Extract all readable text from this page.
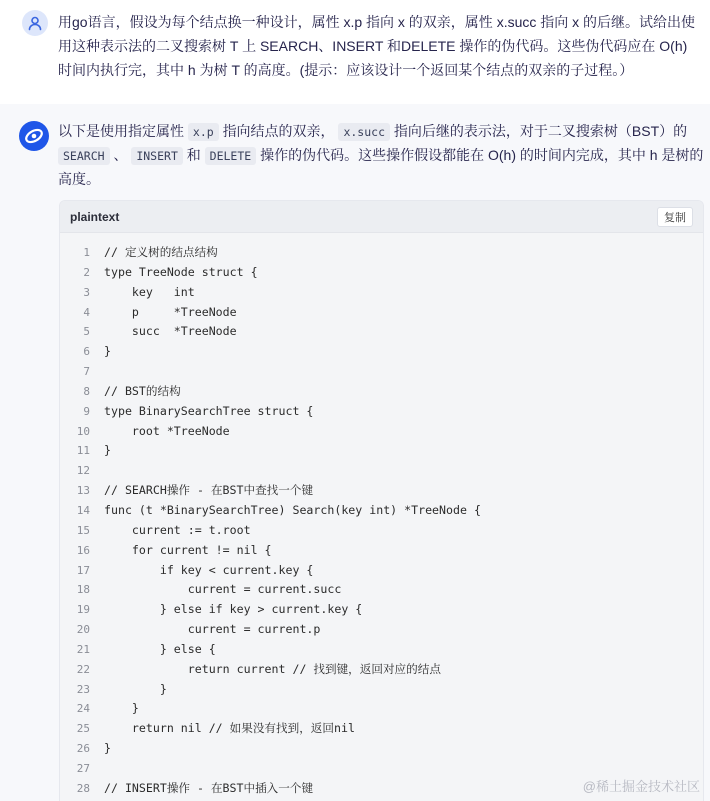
用go语言，假设为每个结点换一种设计，属性 x.p 指向 x 的双亲，属性 x.succ 指向 x 的后继。试给出使用这种表示法的二叉搜索树 T 上 SEARCH、INSERT 和DELETE 操作的伪代码。这些伪代码应在 O(h) 时间内执行完，其中 h 为树 T 的高度。(提示：应该设计一个返回某个结点的双亲的子过程。）
以下是使用指定属性 x.p 指向结点的双亲， x.succ 指向后继的表示法，对于二叉搜索树（BST）的 SEARCH 、 INSERT 和 DELETE 操作的伪代码。这些操作假设都能在 O(h) 的时间内完成，其中 h 是树的高度。
plaintext	复制
1	// 定义树的结点结构
2	type TreeNode struct {
3	key   int
4	p     *TreeNode
5	succ  *TreeNode
6	}
7
8	// BST的结构
9	type BinarySearchTree struct {
10	root *TreeNode
11	}
12
13	// SEARCH操作 - 在BST中查找一个键
14	func (t *BinarySearchTree) Search(key int) *TreeNode {
15	current := t.root
16	for current != nil {
17	if key < current.key {
18	current = current.succ
19	} else if key > current.key {
20	current = current.p
21	} else {
22	return current // 找到键，返回对应的结点
23	}
24	}
25	return nil // 如果没有找到，返回nil
26	}
27
28	// INSERT操作 - 在BST中插入一个键	@稀土掘金技术社区
